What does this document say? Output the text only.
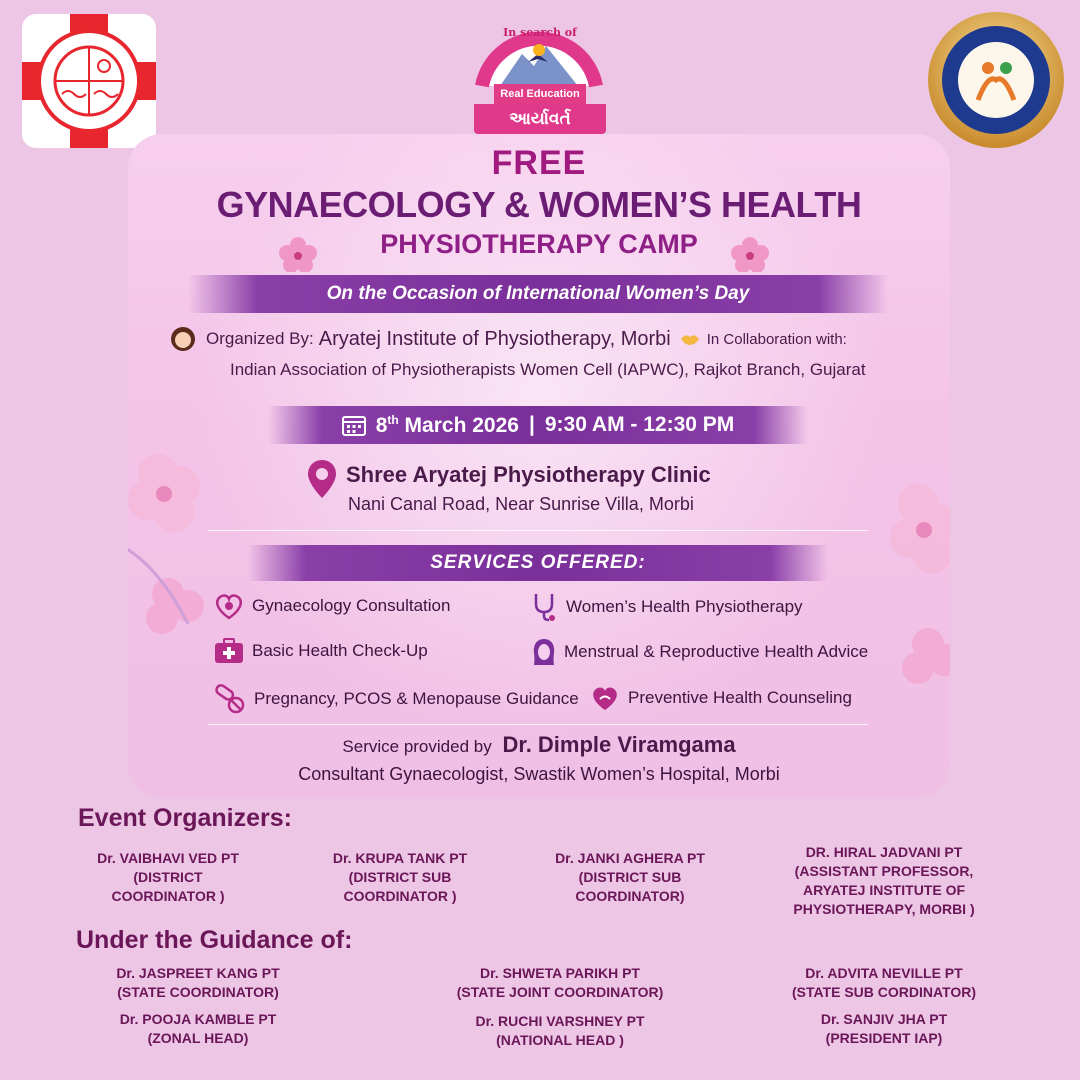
In search of
Real Education
આર્યાવર્ત
FREE
GYNAECOLOGY & WOMEN’S HEALTH
PHYSIOTHERAPY CAMP
On the Occasion of International Women’s Day
Organized By: Aryatej Institute of Physiotherapy, Morbi In Collaboration with:
Indian Association of Physiotherapists Women Cell (IAPWC), Rajkot Branch, Gujarat
8th March 2026 | 9:30 AM - 12:30 PM
Shree Aryatej Physiotherapy Clinic
Nani Canal Road, Near Sunrise Villa, Morbi
SERVICES OFFERED:
Gynaecology Consultation	Women’s Health Physiotherapy
Basic Health Check-Up	Menstrual & Reproductive Health Advice
Pregnancy, PCOS & Menopause Guidance	Preventive Health Counseling
Service provided by Dr. Dimple Viramgama
Consultant Gynaecologist, Swastik Women’s Hospital, Morbi
Event Organizers:
Dr. VAIBHAVI VED PT
(DISTRICT
COORDINATOR )
Dr. KRUPA TANK PT
(DISTRICT SUB
COORDINATOR )
Dr. JANKI AGHERA PT
(DISTRICT SUB
COORDINATOR)
DR. HIRAL JADVANI PT
(ASSISTANT PROFESSOR,
ARYATEJ INSTITUTE OF
PHYSIOTHERAPY, MORBI )
Under the Guidance of:
Dr. JASPREET KANG PT
(STATE COORDINATOR)
Dr. SHWETA PARIKH PT
(STATE JOINT COORDINATOR)
Dr. ADVITA NEVILLE PT
(STATE SUB CORDINATOR)
Dr. POOJA KAMBLE PT
(ZONAL HEAD)
Dr. RUCHI VARSHNEY PT
(NATIONAL HEAD )
Dr. SANJIV JHA PT
(PRESIDENT IAP)
